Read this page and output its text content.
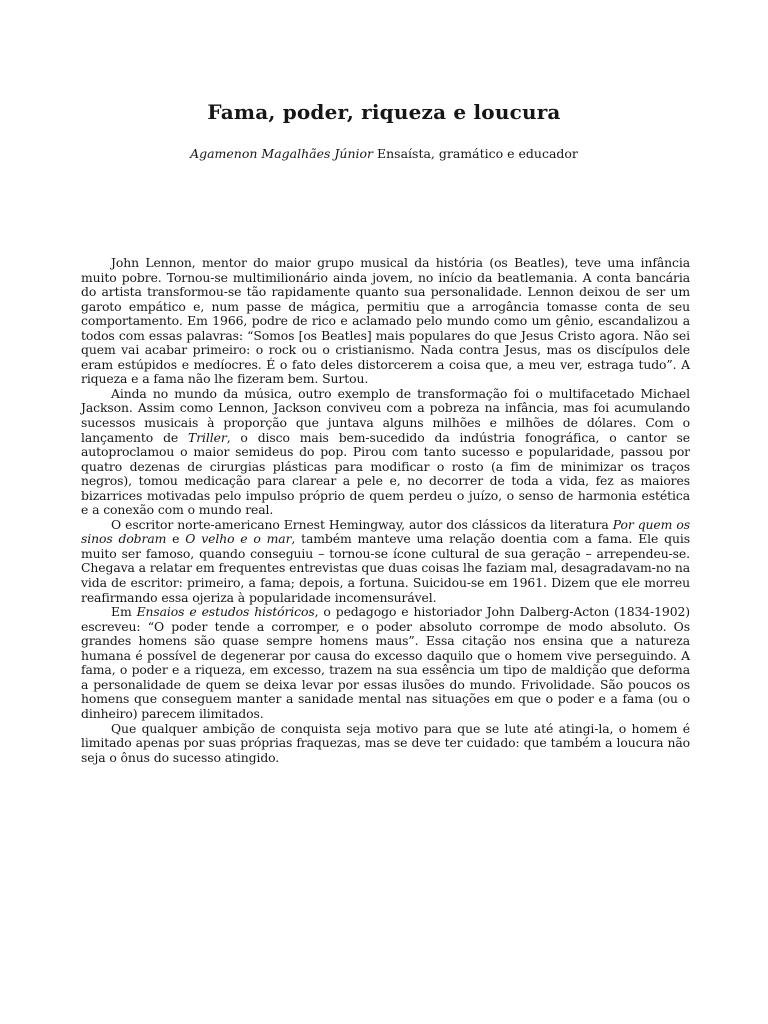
Fama, poder, riqueza e loucura

Agamenon Magalhães Júnior Ensaísta, gramático e educador

John Lennon, mentor do maior grupo musical da história (os Beatles), teve uma infância muito pobre. Tornou-se multimilionário ainda jovem, no início da beatlemania. A conta bancária do artista transformou-se tão rapidamente quanto sua personalidade. Lennon deixou de ser um garoto empático e, num passe de mágica, permitiu que a arrogância tomasse conta de seu comportamento. Em 1966, podre de rico e aclamado pelo mundo como um gênio, escandalizou a todos com essas palavras: “Somos [os Beatles] mais populares do que Jesus Cristo agora. Não sei quem vai acabar primeiro: o rock ou o cristianismo. Nada contra Jesus, mas os discípulos dele eram estúpidos e medíocres. É o fato deles distorcerem a coisa que, a meu ver, estraga tudo”. A riqueza e a fama não lhe fizeram bem. Surtou.

Ainda no mundo da música, outro exemplo de transformação foi o multifacetado Michael Jackson. Assim como Lennon, Jackson conviveu com a pobreza na infância, mas foi acumulando sucessos musicais à proporção que juntava alguns milhões e milhões de dólares. Com o lançamento de Triller, o disco mais bem-sucedido da indústria fonográfica, o cantor se autoproclamou o maior semideus do pop. Pirou com tanto sucesso e popularidade, passou por quatro dezenas de cirurgias plásticas para modificar o rosto (a fim de minimizar os traços negros), tomou medicação para clarear a pele e, no decorrer de toda a vida, fez as maiores bizarrices motivadas pelo impulso próprio de quem perdeu o juízo, o senso de harmonia estética e a conexão com o mundo real.

O escritor norte-americano Ernest Hemingway, autor dos clássicos da literatura Por quem os sinos dobram e O velho e o mar, também manteve uma relação doentia com a fama. Ele quis muito ser famoso, quando conseguiu – tornou-se ícone cultural de sua geração – arrependeu-se. Chegava a relatar em frequentes entrevistas que duas coisas lhe faziam mal, desagradavam-no na vida de escritor: primeiro, a fama; depois, a fortuna. Suicidou-se em 1961. Dizem que ele morreu reafirmando essa ojeriza à popularidade incomensurável.

Em Ensaios e estudos históricos, o pedagogo e historiador John Dalberg-Acton (1834-1902) escreveu: “O poder tende a corromper, e o poder absoluto corrompe de modo absoluto. Os grandes homens são quase sempre homens maus”. Essa citação nos ensina que a natureza humana é possível de degenerar por causa do excesso daquilo que o homem vive perseguindo. A fama, o poder e a riqueza, em excesso, trazem na sua essência um tipo de maldição que deforma a personalidade de quem se deixa levar por essas ilusões do mundo. Frivolidade. São poucos os homens que conseguem manter a sanidade mental nas situações em que o poder e a fama (ou o dinheiro) parecem ilimitados.

Que qualquer ambição de conquista seja motivo para que se lute até atingi-la, o homem é limitado apenas por suas próprias fraquezas, mas se deve ter cuidado: que também a loucura não seja o ônus do sucesso atingido.
